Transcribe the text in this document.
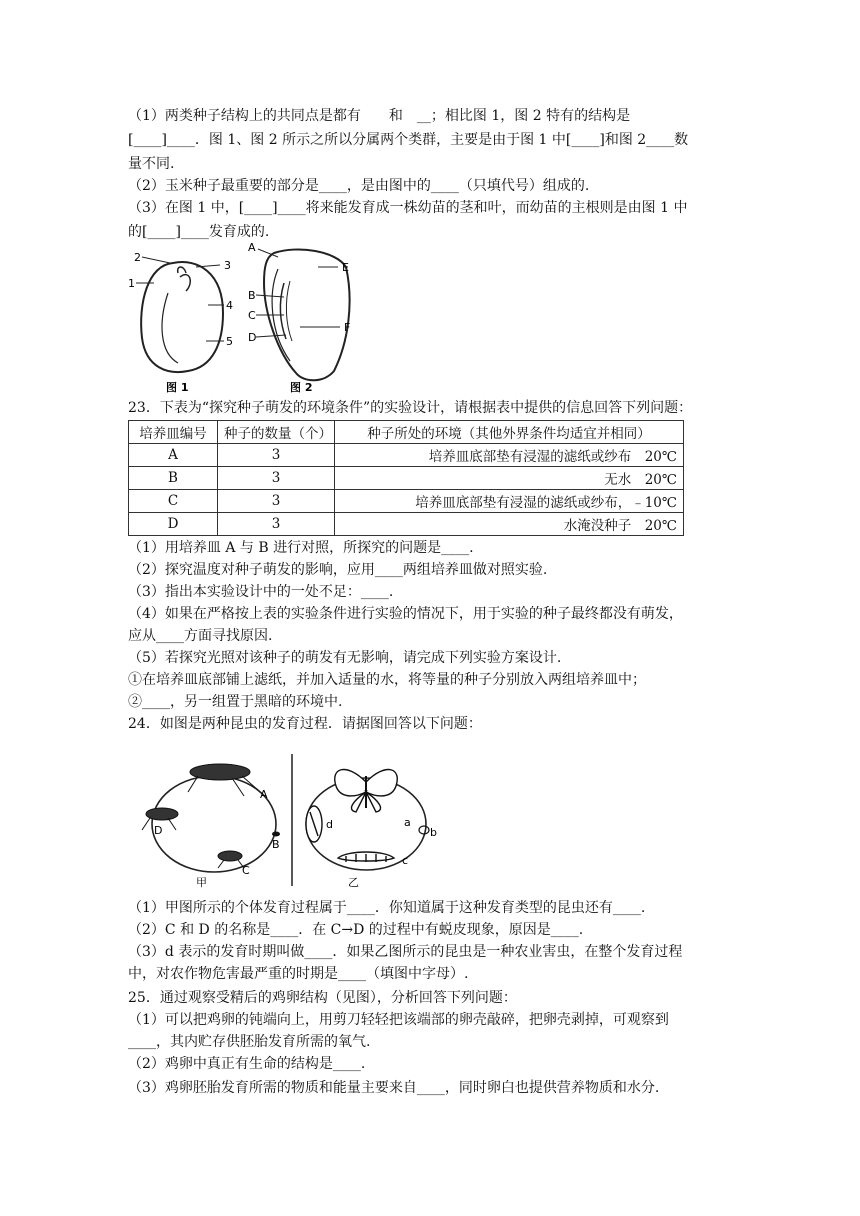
（1）两类种子结构上的共同点是都有　　和　__；相比图 1，图 2 特有的结构是
[____]____．图 1、图 2 所示之所以分属两个类群，主要是由于图 1 中[____]和图 2____数
量不同.
（2）玉米种子最重要的部分是____，是由图中的____（只填代号）组成的.
（3）在图 1 中，[____]____将来能发育成一株幼苗的茎和叶，而幼苗的主根则是由图 1 中
的[____]____发育成的.
2
1
3
4
5
图 1
A
B
C
D
E
F
图 2
23．下表为“探究种子萌发的环境条件”的实验设计，请根据表中提供的信息回答下列问题：
培养皿编号	种子的数量（个）	种子所处的环境（其他外界条件均适宜并相同）
A	3	培养皿底部垫有浸湿的滤纸或纱布　20℃
B	3	无水　20℃
C	3	培养皿底部垫有浸湿的滤纸或纱布，﹣10℃
D	3	水淹没种子　20℃
（1）用培养皿 A 与 B 进行对照，所探究的问题是____.
（2）探究温度对种子萌发的影响，应用____两组培养皿做对照实验.
（3）指出本实验设计中的一处不足：____.
（4）如果在严格按上表的实验条件进行实验的情况下，用于实验的种子最终都没有萌发，
应从____方面寻找原因.
（5）若探究光照对该种子的萌发有无影响，请完成下列实验方案设计.
①在培养皿底部铺上滤纸，并加入适量的水，将等量的种子分别放入两组培养皿中；
②____，另一组置于黑暗的环境中.
24．如图是两种昆虫的发育过程．请据图回答以下问题：
A
B
C
D
甲
a
b
c
d
乙
（1）甲图所示的个体发育过程属于____．你知道属于这种发育类型的昆虫还有____.
（2）C 和 D 的名称是____．在 C→D 的过程中有蜕皮现象，原因是____.
（3）d 表示的发育时期叫做____．如果乙图所示的昆虫是一种农业害虫，在整个发育过程
中，对农作物危害最严重的时期是____（填图中字母）.
25．通过观察受精后的鸡卵结构（见图），分析回答下列问题：
（1）可以把鸡卵的钝端向上，用剪刀轻轻把该端部的卵壳敲碎，把卵壳剥掉，可观察到
____，其内贮存供胚胎发育所需的氧气.
（2）鸡卵中真正有生命的结构是____.
（3）鸡卵胚胎发育所需的物质和能量主要来自____，同时卵白也提供营养物质和水分.
